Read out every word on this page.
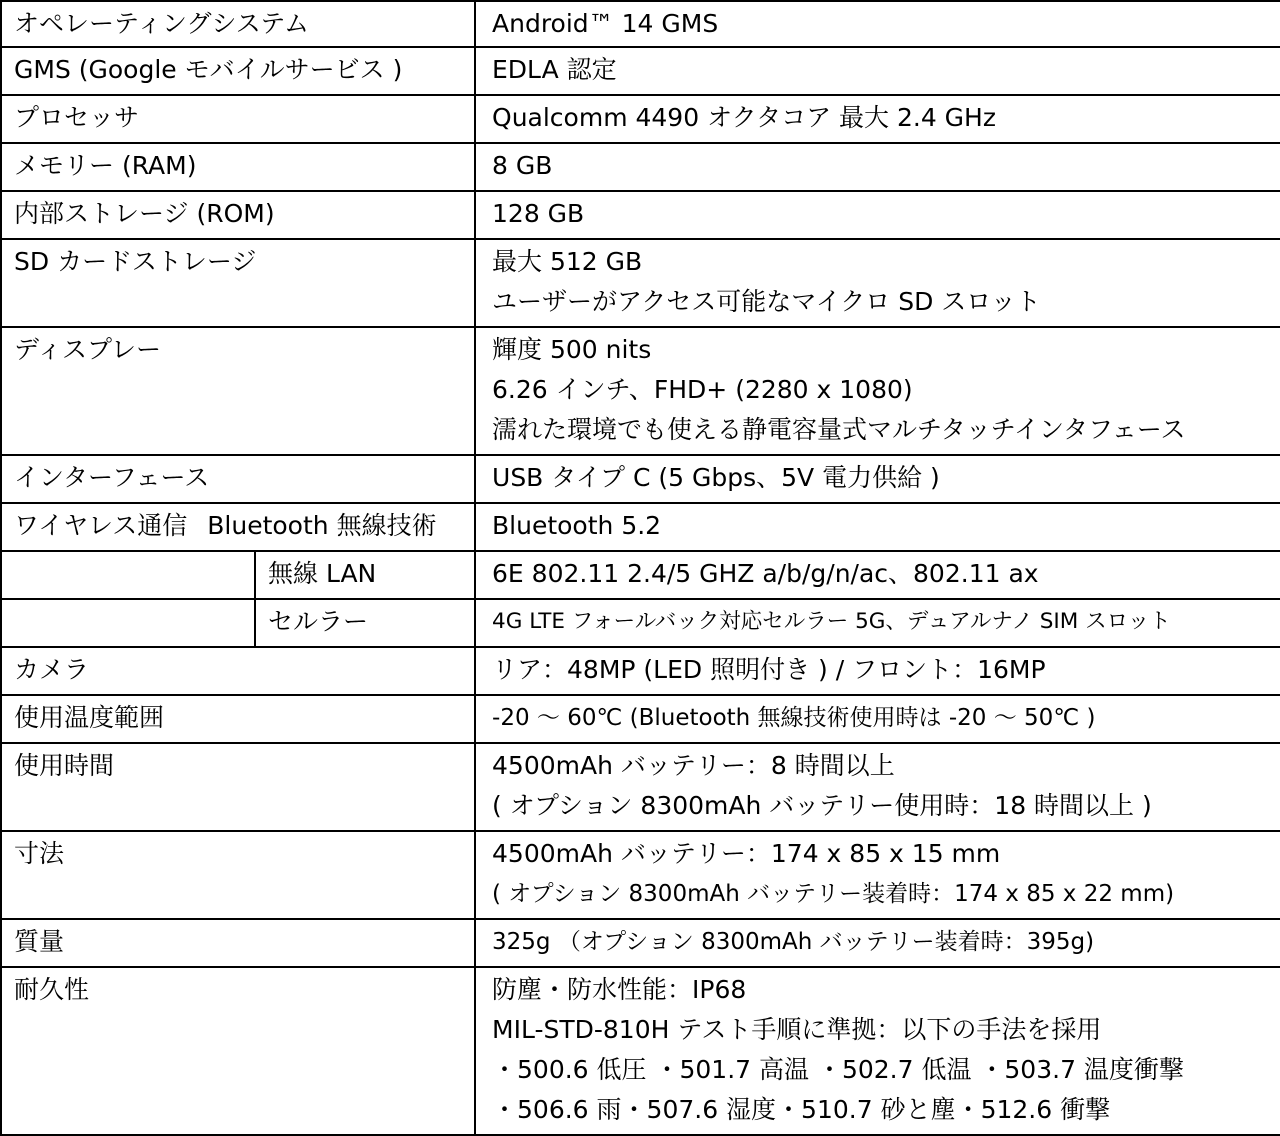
オペレーティングシステム		Android™ 14 GMS

GMS (Google モバイルサービス )		EDLA 認定

プロセッサ		Qualcomm 4490 オクタコア 最大 2.4 GHz

メモリー (RAM)		8 GB

内部ストレージ (ROM)		128 GB

SD カードストレージ		最大 512 GB
ユーザーがアクセス可能なマイクロ SD スロット

ディスプレー		輝度 500 nits
6.26 インチ、FHD+ (2280 x 1080)
濡れた環境でも使える静電容量式マルチタッチインタフェース

インターフェース		USB タイプ C (5 Gbps、5V 電力供給 )

ワイヤレス通信 Bluetooth 無線技術		Bluetooth 5.2

	無線 LAN	6E 802.11 2.4/5 GHZ a/b/g/n/ac、802.11 ax

	セルラー	4G LTE フォールバック対応セルラー 5G、デュアルナノ SIM スロット

カメラ		リア：48MP (LED 照明付き ) / フロント：16MP

使用温度範囲		-20 〜 60℃ (Bluetooth 無線技術使用時は -20 〜 50℃ )

使用時間		4500mAh バッテリー：8 時間以上
( オプション 8300mAh バッテリー使用時：18 時間以上 )

寸法		4500mAh バッテリー：174 x 85 x 15 mm
( オプション 8300mAh バッテリー装着時：174 x 85 x 22 mm)

質量		325g （オプション 8300mAh バッテリー装着時：395g)

耐久性		防塵・防水性能：IP68
MIL-STD-810H テスト手順に準拠：以下の手法を採用
・500.6 低圧 ・501.7 高温 ・502.7 低温 ・503.7 温度衝撃
・506.6 雨・507.6 湿度・510.7 砂と塵・512.6 衝撃
